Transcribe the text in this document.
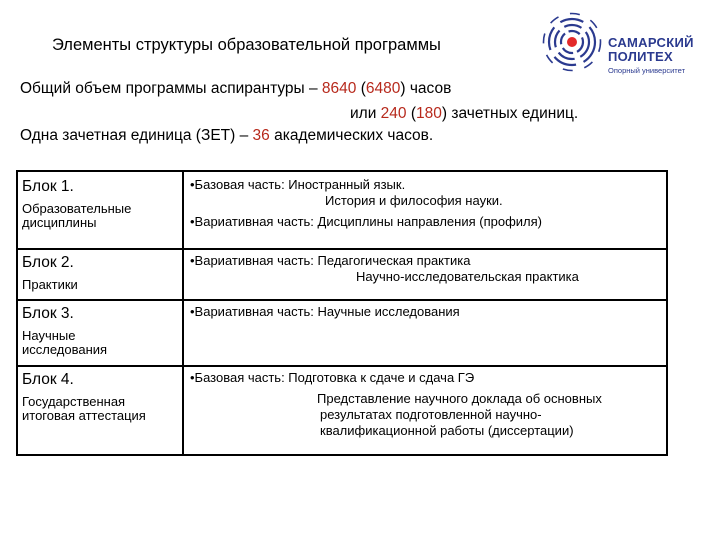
Элементы структуры образовательной программы	САМАРСКИЙ
ПОЛИТЕХ
Опорный университет
Общий объем программы аспирантуры – 8640 (6480) часов
или 240 (180) зачетных единиц.
Одна зачетная единица (ЗЕТ) – 36 академических часов.
Блок 1.
Образовательные дисциплины
•Базовая часть: Иностранный язык.
История и философия науки.
•Вариативная часть: Дисциплины направления (профиля)
Блок 2.
Практики
•Вариативная часть: Педагогическая практика
Научно-исследовательская практика
Блок 3.
Научные исследования
•Вариативная часть: Научные исследования
Блок 4.
Государственная итоговая аттестация
•Базовая часть: Подготовка к сдаче и сдача ГЭ
Представление научного доклада об основных
результатах подготовленной научно-
квалификационной работы (диссертации)
